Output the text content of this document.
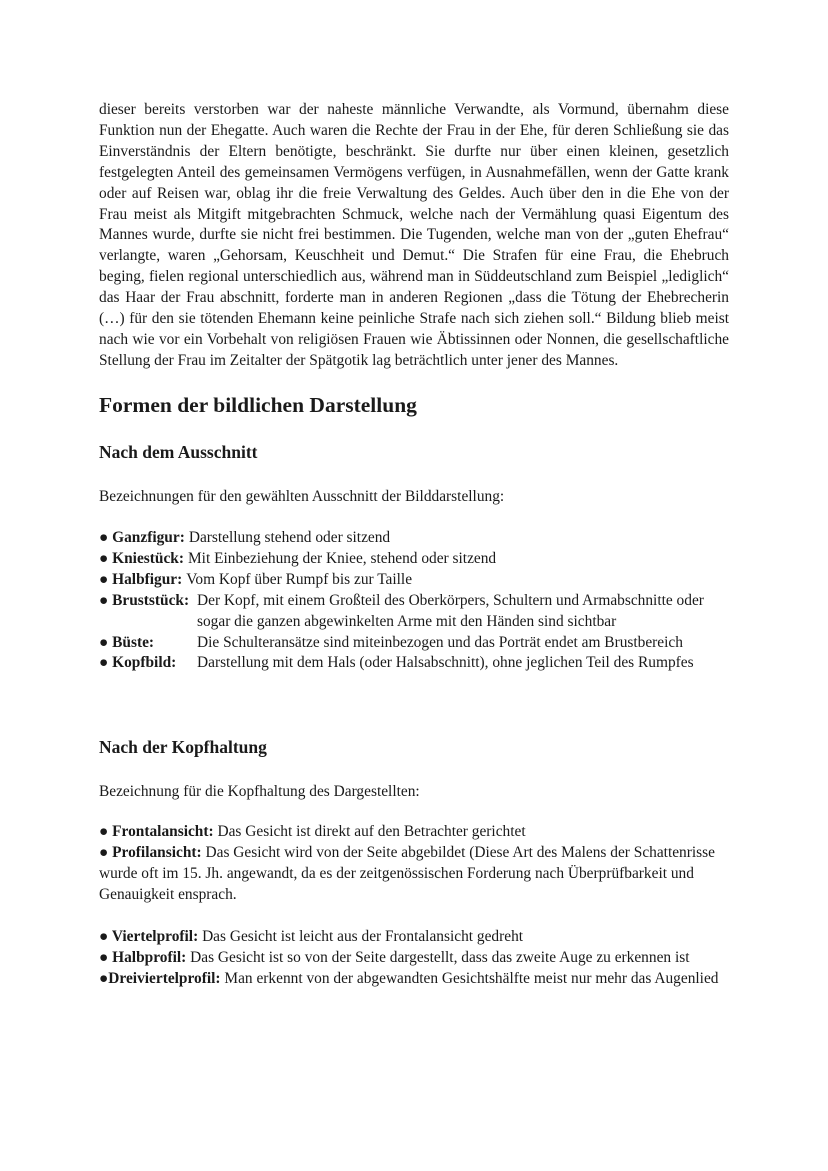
dieser bereits verstorben war der naheste männliche Verwandte, als Vormund, übernahm diese Funktion nun der Ehegatte. Auch waren die Rechte der Frau in der Ehe, für deren Schließung sie das Einverständnis der Eltern benötigte, beschränkt. Sie durfte nur über einen kleinen, gesetzlich festgelegten Anteil des gemeinsamen Vermögens verfügen, in Ausnahmefällen, wenn der Gatte krank oder auf Reisen war, oblag ihr die freie Verwaltung des Geldes. Auch über den in die Ehe von der Frau meist als Mitgift mitgebrachten Schmuck, welche nach der Vermählung quasi Eigentum des Mannes wurde, durfte sie nicht frei bestimmen. Die Tugenden, welche man von der „guten Ehefrau“ verlangte, waren „Gehorsam, Keuschheit und Demut.“ Die Strafen für eine Frau, die Ehebruch beging, fielen regional unterschiedlich aus, während man in Süddeutschland zum Beispiel „lediglich“ das Haar der Frau abschnitt, forderte man in anderen Regionen „dass die Tötung der Ehebrecherin (…) für den sie tötenden Ehemann keine peinliche Strafe nach sich ziehen soll.“ Bildung blieb meist nach wie vor ein Vorbehalt von religiösen Frauen wie Äbtissinnen oder Nonnen, die gesellschaftliche Stellung der Frau im Zeitalter der Spätgotik lag beträchtlich unter jener des Mannes.

Formen der bildlichen Darstellung
Nach dem Ausschnitt

Bezeichnungen für den gewählten Ausschnitt der Bilddarstellung:

● Ganzfigur: Darstellung stehend oder sitzend
● Kniestück: Mit Einbeziehung der Kniee, stehend oder sitzend
● Halbfigur: Vom Kopf über Rumpf bis zur Taille
● Bruststück: Der Kopf, mit einem Großteil des Oberkörpers, Schultern und Armabschnitte oder sogar die ganzen abgewinkelten Arme mit den Händen sind sichtbar
● Büste:	Die Schulteransätze sind miteinbezogen und das Porträt endet am Brustbereich
● Kopfbild:	Darstellung mit dem Hals (oder Halsabschnitt), ohne jeglichen Teil des Rumpfes
Nach der Kopfhaltung

Bezeichnung für die Kopfhaltung des Dargestellten:

● Frontalansicht: Das Gesicht ist direkt auf den Betrachter gerichtet

● Profilansicht: Das Gesicht wird von der Seite abgebildet (Diese Art des Malens der Schattenrisse wurde oft im 15. Jh. angewandt, da es der zeitgenössischen Forderung nach Überprüfbarkeit und Genauigkeit ensprach.

● Viertelprofil: Das Gesicht ist leicht aus der Frontalansicht gedreht

● Halbprofil: Das Gesicht ist so von der Seite dargestellt, dass das zweite Auge zu erkennen ist

●Dreiviertelprofil: Man erkennt von der abgewandten Gesichtshälfte meist nur mehr das Augenlied
